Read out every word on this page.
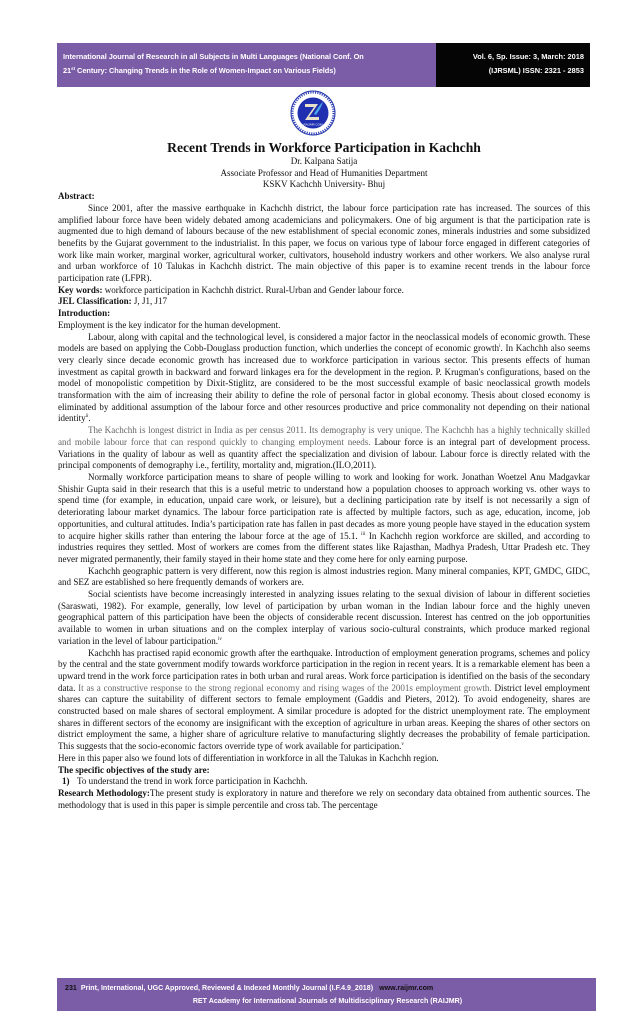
International Journal of Research in all Subjects in Multi Languages (National Conf. On
21st Century: Changing Trends in the Role of Women-Impact on Various Fields)
Vol. 6, Sp. Issue: 3, March: 2018
(IJRSML) ISSN: 2321 - 2853
RAIJMR.COM
Recent Trends in Workforce Participation in Kachchh
Dr. Kalpana Satija
Associate Professor and Head of Humanities Department
KSKV Kachchh University- Bhuj
Abstract:

Since 2001, after the massive earthquake in Kachchh district, the labour force participation rate has increased. The sources of this amplified labour force have been widely debated among academicians and policymakers. One of big argument is that the participation rate is augmented due to high demand of labours because of the new establishment of special economic zones, minerals industries and some subsidized benefits by the Gujarat government to the industrialist. In this paper, we focus on various type of labour force engaged in different categories of work like main worker, marginal worker, agricultural worker, cultivators, household industry workers and other workers. We also analyse rural and urban workforce of 10 Talukas in Kachchh district. The main objective of this paper is to examine recent trends in the labour force participation rate (LFPR).

Key words: workforce participation in Kachchh district. Rural-Urban and Gender labour force.

JEL Classification: J, J1, J17

Introduction:

Employment is the key indicator for the human development.

Labour, along with capital and the technological level, is considered a major factor in the neoclassical models of economic growth. These models are based on applying the Cobb-Douglass production function, which underlies the concept of economic growth$^i$. In Kachchh also seems very clearly since decade economic growth has increased due to workforce participation in various sector. This presents effects of human investment as capital growth in backward and forward linkages era for the development in the region. P. Krugman's configurations, based on the model of monopolistic competition by Dixit-Stiglitz, are considered to be the most successful example of basic neoclassical growth models transformation with the aim of increasing their ability to define the role of personal factor in global economy. Thesis about closed economy is eliminated by additional assumption of the labour force and other resources productive and price commonality not depending on their national identity$^{ii}$.

The Kachchh is longest district in India as per census 2011. Its demography is very unique. The Kachchh has a highly technically skilled and mobile labour force that can respond quickly to changing employment needs. Labour force is an integral part of development process. Variations in the quality of labour as well as quantity affect the specialization and division of labour. Labour force is directly related with the principal components of demography i.e., fertility, mortality and, migration.(ILO,2011).

Normally workforce participation means to share of people willing to work and looking for work. Jonathan Woetzel Anu Madgavkar Shishir Gupta said in their research that this is a useful metric to understand how a population chooses to approach working vs. other ways to spend time (for example, in education, unpaid care work, or leisure), but a declining participation rate by itself is not necessarily a sign of deteriorating labour market dynamics. The labour force participation rate is affected by multiple factors, such as age, education, income, job opportunities, and cultural attitudes. India’s participation rate has fallen in past decades as more young people have stayed in the education system to acquire higher skills rather than entering the labour force at the age of 15.1. $^{iii}$ In Kachchh region workforce are skilled, and according to industries requires they settled. Most of workers are comes from the different states like Rajasthan, Madhya Pradesh, Uttar Pradesh etc. They never migrated permanently, their family stayed in their home state and they come here for only earning purpose.

Kachchh geographic pattern is very different, now this region is almost industries region. Many mineral companies, KPT, GMDC, GIDC, and SEZ are established so here frequently demands of workers are.

Social scientists have become increasingly interested in analyzing issues relating to the sexual division of labour in different societies (Saraswati, 1982). For example, generally, low level of participation by urban woman in the Indian labour force and the highly uneven geographical pattern of this participation have been the objects of considerable recent discussion. Interest has centred on the job opportunities available to women in urban situations and on the complex interplay of various socio-cultural constraints, which produce marked regional variation in the level of labour participation.$^{iv}$

Kachchh has practised rapid economic growth after the earthquake. Introduction of employment generation programs, schemes and policy by the central and the state government modify towards workforce participation in the region in recent years. It is a remarkable element has been a upward trend in the work force participation rates in both urban and rural areas. Work force participation is identified on the basis of the secondary data. It as a constructive response to the strong regional economy and rising wages of the 2001s employment growth. District level employment shares can capture the suitability of different sectors to female employment (Gaddis and Pieters, 2012). To avoid endogeneity, shares are constructed based on male shares of sectoral employment. A similar procedure is adopted for the district unemployment rate. The employment shares in different sectors of the economy are insignificant with the exception of agriculture in urban areas. Keeping the shares of other sectors on district employment the same, a higher share of agriculture relative to manufacturing slightly decreases the probability of female participation. This suggests that the socio-economic factors override type of work available for participation.$^v$

Here in this paper also we found lots of differentiation in workforce in all the Talukas in Kachchh region.

The specific objectives of the study are:
1) To understand the trend in work force participation in Kachchh.

Research Methodology:The present study is exploratory in nature and therefore we rely on secondary data obtained from authentic sources. The methodology that is used in this paper is simple percentile and cross tab. The percentage

231 Print, International, UGC Approved, Reviewed & Indexed Monthly Journal (I.F.4.9_2018) www.raijmr.com
RET Academy for International Journals of Multidisciplinary Research (RAIJMR)
